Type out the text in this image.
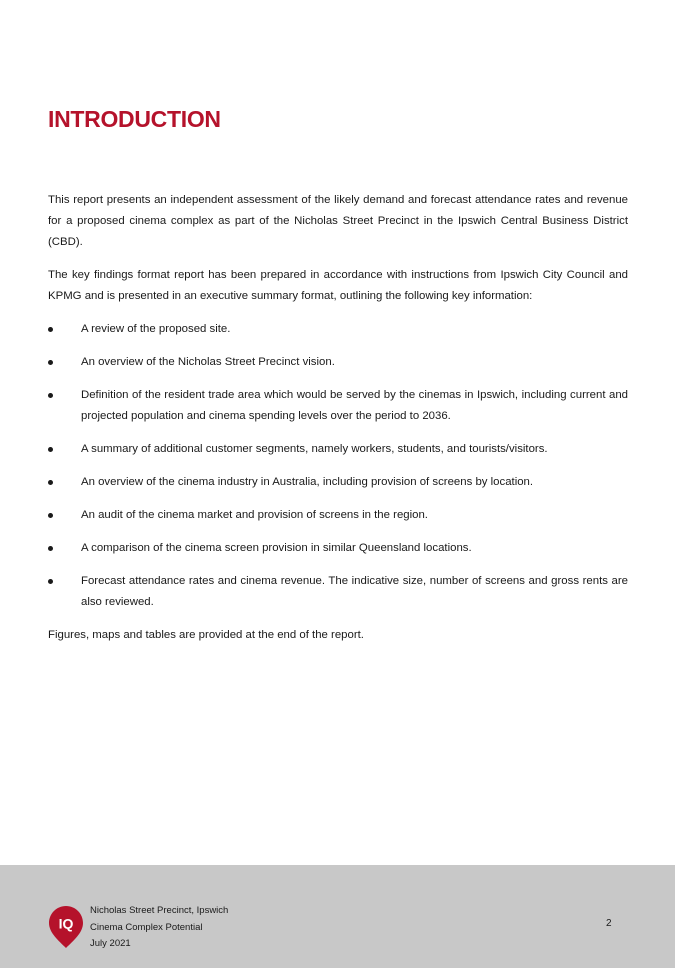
INTRODUCTION

This report presents an independent assessment of the likely demand and forecast attendance rates and revenue for a proposed cinema complex as part of the Nicholas Street Precinct in the Ipswich Central Business District (CBD).

The key findings format report has been prepared in accordance with instructions from Ipswich City Council and KPMG and is presented in an executive summary format, outlining the following key information:

A review of the proposed site.
An overview of the Nicholas Street Precinct vision.
Definition of the resident trade area which would be served by the cinemas in Ipswich, including current and projected population and cinema spending levels over the period to 2036.
A summary of additional customer segments, namely workers, students, and tourists/visitors.
An overview of the cinema industry in Australia, including provision of screens by location.
An audit of the cinema market and provision of screens in the region.
A comparison of the cinema screen provision in similar Queensland locations.
Forecast attendance rates and cinema revenue. The indicative size, number of screens and gross rents are also reviewed.

Figures, maps and tables are provided at the end of the report.

IQ
Nicholas Street Precinct, Ipswich
Cinema Complex Potential
July 2021
2
